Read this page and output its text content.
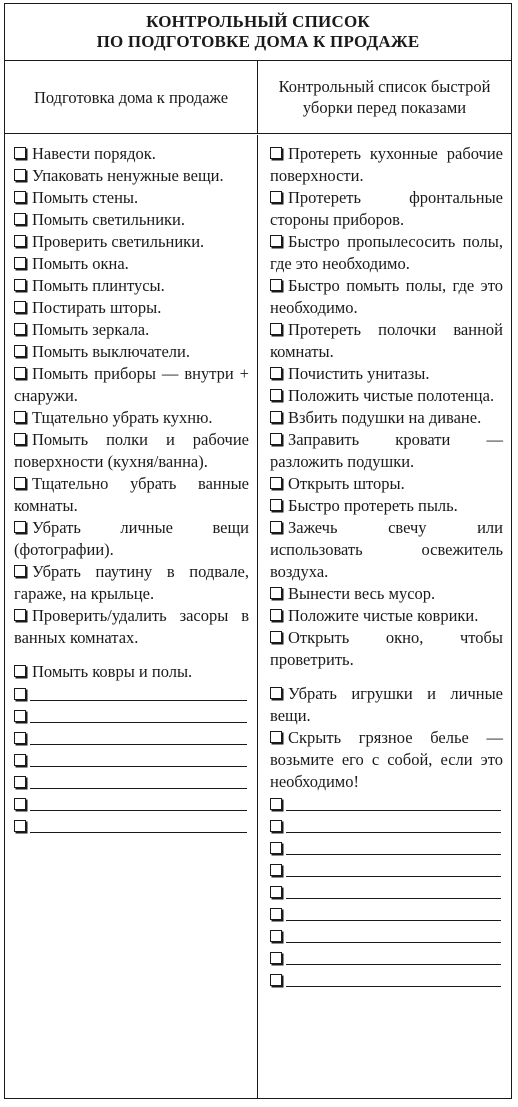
КОНТРОЛЬНЫЙ СПИСОК
ПО ПОДГОТОВКЕ ДОМА К ПРОДАЖЕ
Подготовка дома к продаже
Контрольный список быстрой уборки перед показами
Навести порядок.
Упаковать ненужные вещи.
Помыть стены.
Помыть светильники.
Проверить светильники.
Помыть окна.
Помыть плинтусы.
Постирать шторы.
Помыть зеркала.
Помыть выключатели.
Помыть приборы — внутри + снаружи.
Тщательно убрать кухню.
Помыть полки и рабочие поверхности (кухня/ванна).
Тщательно убрать ванные комнаты.
Убрать личные вещи (фотографии).
Убрать паутину в подвале, гараже, на крыльце.
Проверить/удалить засоры в ванных комнатах.
Помыть ковры и полы.
Протереть кухонные рабочие поверхности.
Протереть фронтальные стороны приборов.
Быстро пропылесосить полы, где это необходимо.
Быстро помыть полы, где это необходимо.
Протереть полочки ванной комнаты.
Почистить унитазы.
Положить чистые полотенца.
Взбить подушки на диване.
Заправить кровати — разложить подушки.
Открыть шторы.
Быстро протереть пыль.
Зажечь свечу или использовать освежитель воздуха.
Вынести весь мусор.
Положите чистые коврики.
Открыть окно, чтобы проветрить.
Убрать игрушки и личные вещи.
Скрыть грязное белье — возьмите его с собой, если это необходимо!
